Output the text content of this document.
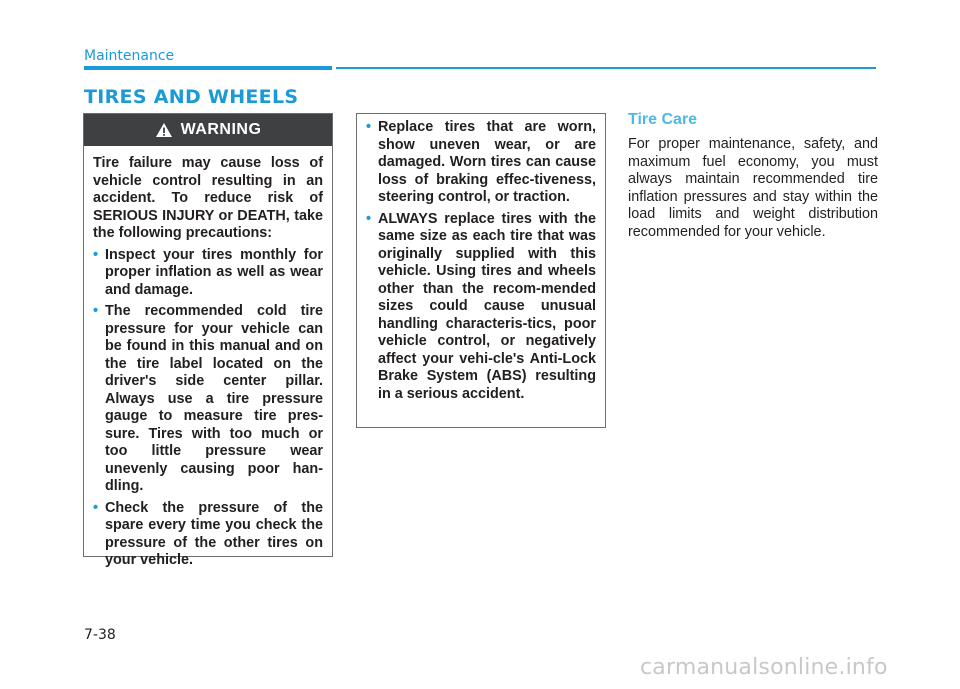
Maintenance
TIRES AND WHEELS
WARNING

Tire failure may cause loss of vehicle control resulting in an accident. To reduce risk of SERIOUS INJURY or DEATH, take the following precautions:

• Inspect your tires monthly for proper inflation as well as wear and damage.
• The recommended cold tire pressure for your vehicle can be found in this manual and on the tire label located on the driver's side center pillar. Always use a tire pressure gauge to measure tire pres-sure. Tires with too much or too little pressure wear unevenly causing poor han-dling.
• Check the pressure of the spare every time you check the pressure of the other tires on your vehicle.
• Replace tires that are worn, show uneven wear, or are damaged. Worn tires can cause loss of braking effec-tiveness, steering control, or traction.
• ALWAYS replace tires with the same size as each tire that was originally supplied with this vehicle. Using tires and wheels other than the recom-mended sizes could cause unusual handling characteris-tics, poor vehicle control, or negatively affect your vehi-cle's Anti-Lock Brake System (ABS) resulting in a serious accident.
Tire Care

For proper maintenance, safety, and maximum fuel economy, you must always maintain recommended tire inflation pressures and stay within the load limits and weight distribution recommended for your vehicle.

7-38
carmanualsonline.info
